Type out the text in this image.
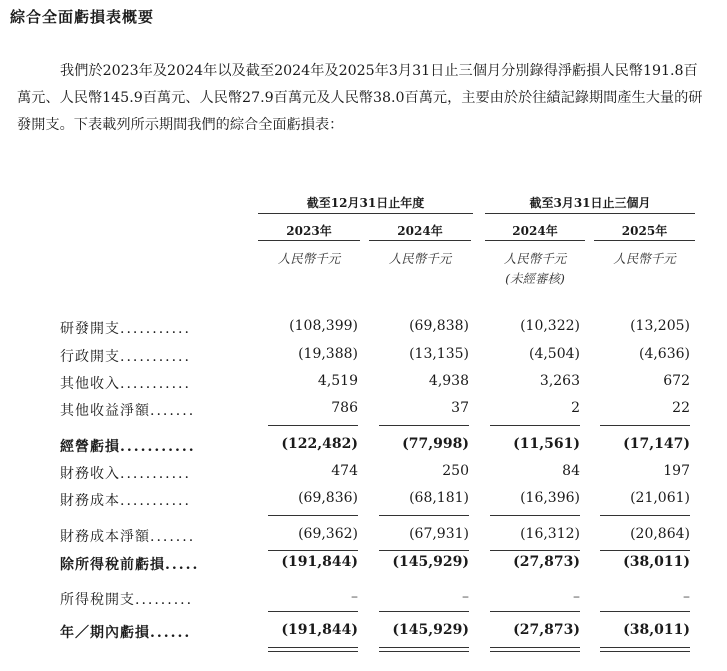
綜合全面虧損表概要
我們於2023年及2024年以及截至2024年及2025年3月31日止三個月分別錄得淨虧損人民幣191.8百萬元、人民幣145.9百萬元、人民幣27.9百萬元及人民幣38.0百萬元，主要由於於往績記錄期間產生大量的研發開支。下表載列所示期間我們的綜合全面虧損表：
截至12月31日止年度	截至3月31日止三個月
2023年	2024年	2024年	2025年
人民幣千元	人民幣千元	人民幣千元	人民幣千元
(未經審核)
研發開支...........	(108,399)	(69,838)	(10,322)	(13,205)
行政開支...........	(19,388)	(13,135)	(4,504)	(4,636)
其他收入...........	4,519	4,938	3,263	672
其他收益淨額.......	786	37	2	22
經營虧損...........	(122,482)	(77,998)	(11,561)	(17,147)
財務收入...........	474	250	84	197
財務成本...........	(69,836)	(68,181)	(16,396)	(21,061)
財務成本淨額.......	(69,362)	(67,931)	(16,312)	(20,864)
除所得稅前虧損.....	(191,844)	(145,929)	(27,873)	(38,011)
所得稅開支.........	–	–	–	–
年／期內虧損......	(191,844)	(145,929)	(27,873)	(38,011)
